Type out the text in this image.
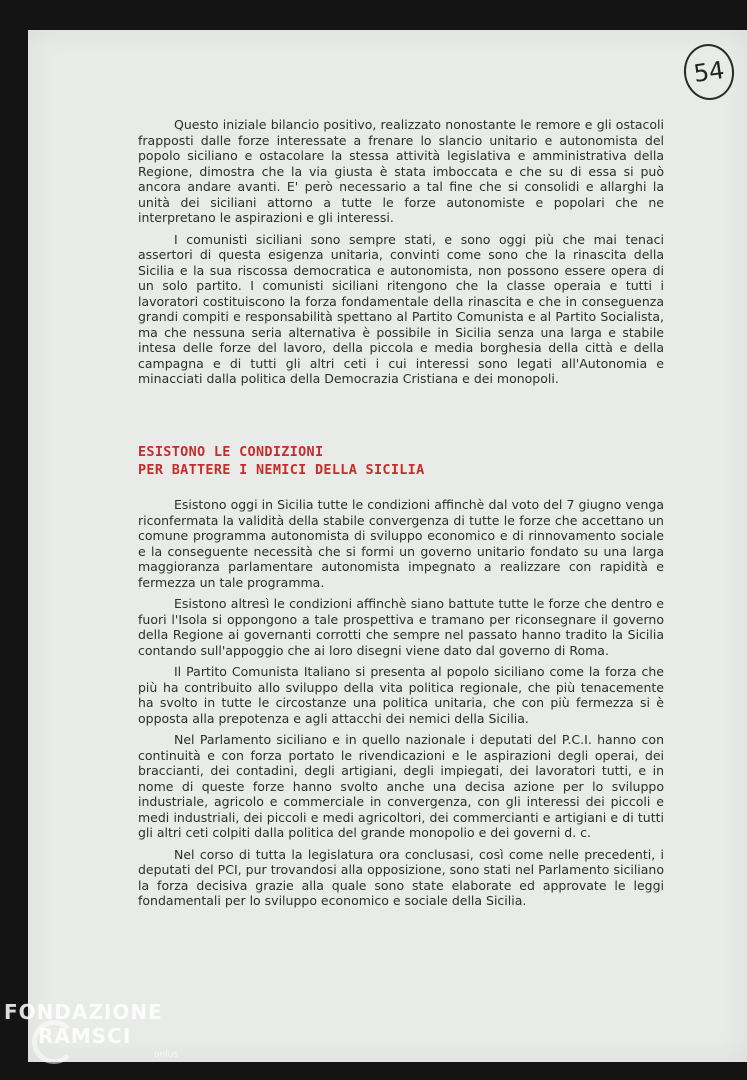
54

Questo iniziale bilancio positivo, realizzato nonostante le remore e gli ostacoli frapposti dalle forze interessate a frenare lo slancio unitario e autonomista del popolo siciliano e ostacolare la stessa attività legislativa e amministrativa della Regione, dimostra che la via giusta è stata imboccata e che su di essa si può ancora andare avanti. E' però necessario a tal fine che si consolidi e allarghi la unità dei siciliani attorno a tutte le forze autonomiste e popolari che ne interpretano le aspirazioni e gli interessi.

I comunisti siciliani sono sempre stati, e sono oggi più che mai tenaci assertori di questa esigenza unitaria, convinti come sono che la rinascita della Sicilia e la sua riscossa democratica e autonomista, non possono essere opera di un solo partito. I comunisti siciliani ritengono che la classe operaia e tutti i lavoratori costituiscono la forza fondamentale della rinascita e che in conseguenza grandi compiti e responsabilità spettano al Partito Comunista e al Partito Socialista, ma che nessuna seria alternativa è possibile in Sicilia senza una larga e stabile intesa delle forze del lavoro, della piccola e media borghesia della città e della campagna e di tutti gli altri ceti i cui interessi sono legati all'Autonomia e minacciati dalla politica della Democrazia Cristiana e dei monopoli.

ESISTONO LE CONDIZIONI
PER BATTERE I NEMICI DELLA SICILIA

Esistono oggi in Sicilia tutte le condizioni affinchè dal voto del 7 giugno venga riconfermata la validità della stabile convergenza di tutte le forze che accettano un comune programma autonomista di sviluppo economico e di rinnovamento sociale e la conseguente necessità che si formi un governo unitario fondato su una larga maggioranza parlamentare autonomista impegnato a realizzare con rapidità e fermezza un tale programma.

Esistono altresì le condizioni affinchè siano battute tutte le forze che dentro e fuori l'Isola si oppongono a tale prospettiva e tramano per riconsegnare il governo della Regione ai governanti corrotti che sempre nel passato hanno tradito la Sicilia contando sull'appoggio che ai loro disegni viene dato dal governo di Roma.

Il Partito Comunista Italiano si presenta al popolo siciliano come la forza che più ha contribuito allo sviluppo della vita politica regionale, che più tenacemente ha svolto in tutte le circostanze una politica unitaria, che con più fermezza si è opposta alla prepotenza e agli attacchi dei nemici della Sicilia.

Nel Parlamento siciliano e in quello nazionale i deputati del P.C.I. hanno con continuità e con forza portato le rivendicazioni e le aspirazioni degli operai, dei braccianti, dei contadini, degli artigiani, degli impiegati, dei lavoratori tutti, e in nome di queste forze hanno svolto anche una decisa azione per lo sviluppo industriale, agricolo e commerciale in convergenza, con gli interessi dei piccoli e medi industriali, dei piccoli e medi agricoltori, dei commercianti e artigiani e di tutti gli altri ceti colpiti dalla politica del grande monopolio e dei governi d. c.

Nel corso di tutta la legislatura ora conclusasi, così come nelle precedenti, i deputati del PCI, pur trovandosi alla opposizione, sono stati nel Parlamento siciliano la forza decisiva grazie alla quale sono state elaborate ed approvate le leggi fondamentali per lo sviluppo economico e sociale della Sicilia.

FONDAZIONE
RAMSCI
onlus
